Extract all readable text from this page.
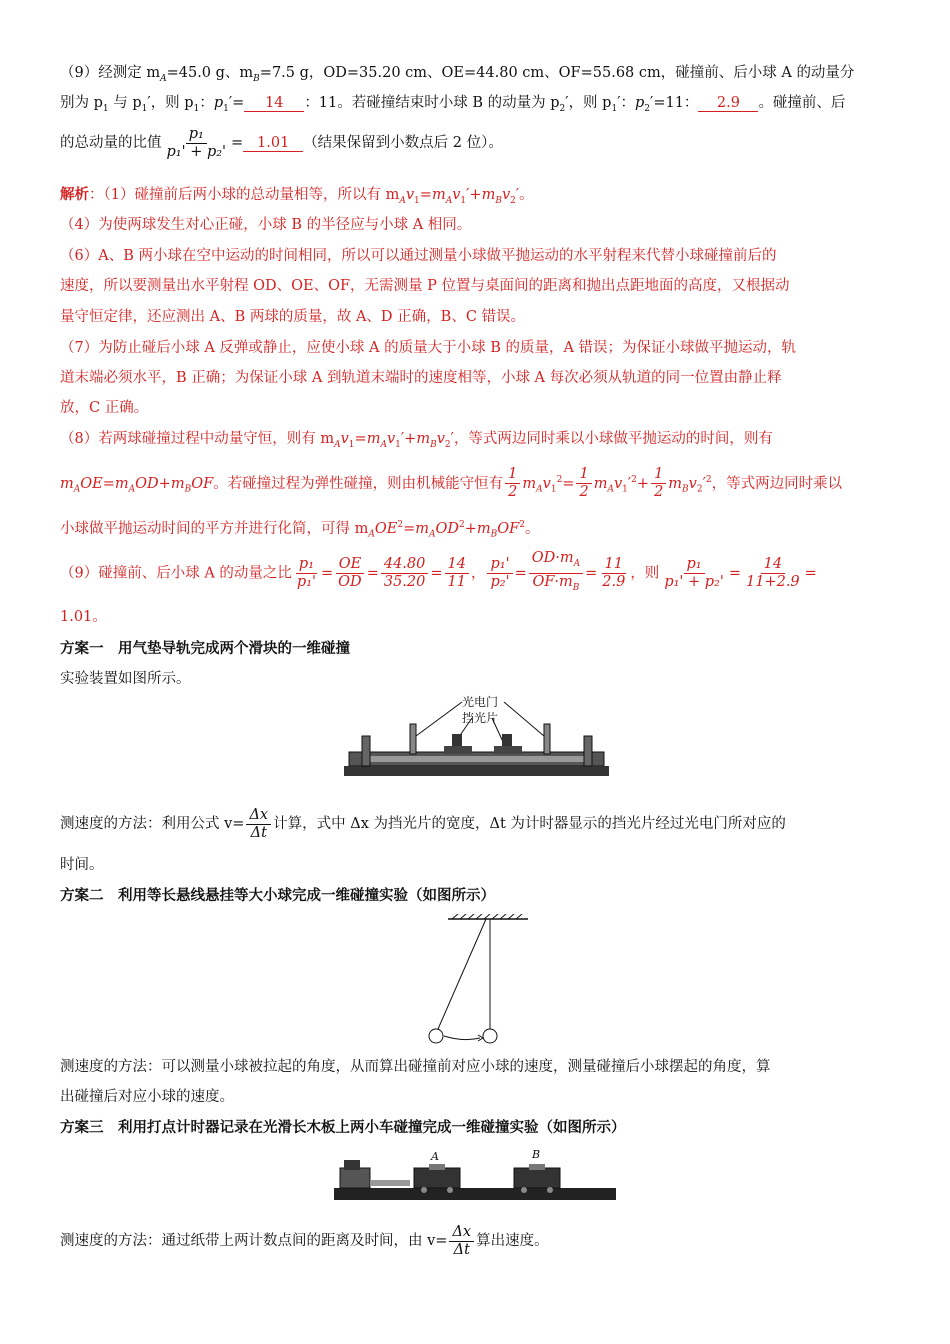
（9）经测定 $m_A=45.0$ g、$m_B=7.5$ g，OD=35.20 cm、OE=44.80 cm、OF=55.68 cm，碰撞前、后小球 A 的动量分
别为 $p_1$ 与 $p_1'$，则 $p_1$：$p_1'= 14$ ：11。若碰撞结束时小球 B 的动量为 $p_2'$，则 $p_1'$：$p_2'=11$： 2.9 。碰撞前、后
的总动量的比值 $\frac{\text{p₁}}{\text{p₁' + p₂'}} = 1.01$ （结果保留到小数点后 2 位）。
解析：（1）碰撞前后两小球的总动量相等，所以有 $m_Av_1=m_Av_1'+m_Bv_2'$。
（4）为使两球发生对心正碰，小球 B 的半径应与小球 A 相同。
（6）A、B 两小球在空中运动的时间相同，所以可以通过测量小球做平抛运动的水平射程来代替小球碰撞前后的
速度，所以要测量出水平射程 OD、OE、OF，无需测量 P 位置与桌面间的距离和抛出点距地面的高度，又根据动
量守恒定律，还应测出 A、B 两球的质量，故 A、D 正确，B、C 错误。
（7）为防止碰后小球 A 反弹或静止，应使小球 A 的质量大于小球 B 的质量，A 错误；为保证小球做平抛运动，轨
道末端必须水平，B 正确；为保证小球 A 到轨道末端时的速度相等，小球 A 每次必须从轨道的同一位置由静止释
放，C 正确。
（8）若两球碰撞过程中动量守恒，则有 $m_Av_1=m_Av_1'+m_Bv_2'$，等式两边同时乘以小球做平抛运动的时间，则有
$m_AOE=m_AOD+m_BOF$。若碰撞过程为弹性碰撞，则由机械能守恒有 $\frac{1}{2} m_Av_1^2= \frac{1}{2} m_Av_1'^2+ \frac{1}{2} m_Bv_2'^2$，等式两边同时乘以
小球做平抛运动时间的平方并进行化简，可得 $m_AOE^2=m_AOD^2+m_BOF^2$。
（9）碰撞前、后小球 A 的动量之比 $\frac{\text{p₁}}{\text{p₁'}} = \frac{OE}{OD} = \frac{44.80}{35.20} = \frac{14}{11}$ ， $\frac{\text{p₁'}}{\text{p₂'}} = \frac{OD\cdot m_A}{OF\cdot m_B} = \frac{11}{2.9}$ ，则 $\frac{\text{p₁}}{\text{p₁' + p₂'}} = \frac{14}{11+2.9}$ =
1.01。
方案一　用气垫导轨完成两个滑块的一维碰撞
实验装置如图所示。
光电门
挡光片
测速度的方法：利用公式 $v= \frac{\Delta x}{\Delta t}$ 计算，式中 Δx 为挡光片的宽度，Δt 为计时器显示的挡光片经过光电门所对应的
时间。
方案二　利用等长悬线悬挂等大小球完成一维碰撞实验（如图所示）
测速度的方法：可以测量小球被拉起的角度，从而算出碰撞前对应小球的速度，测量碰撞后小球摆起的角度，算
出碰撞后对应小球的速度。
方案三　利用打点计时器记录在光滑长木板上两小车碰撞完成一维碰撞实验（如图所示）
A	B
测速度的方法：通过纸带上两计数点间的距离及时间，由 $v= \frac{\Delta x}{\Delta t}$ 算出速度。
